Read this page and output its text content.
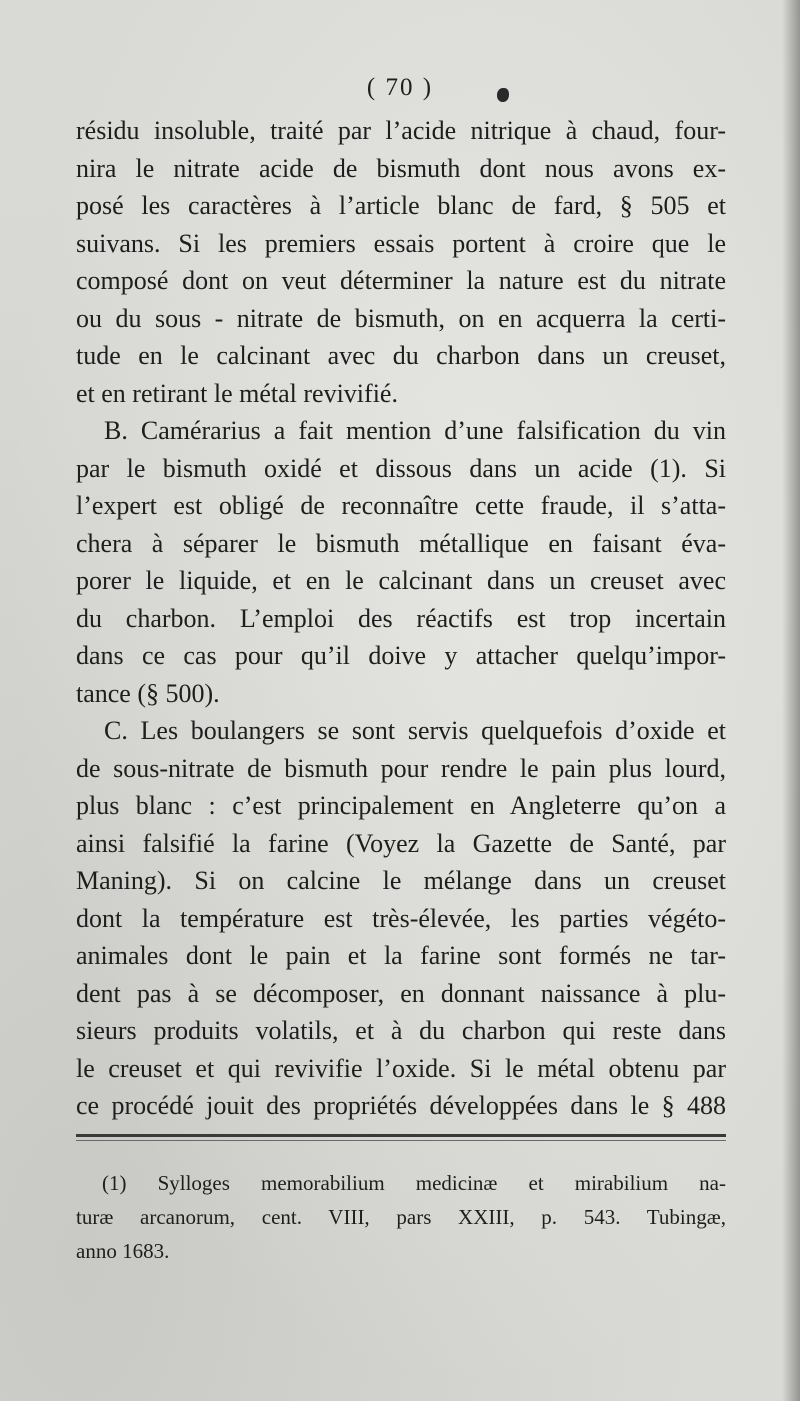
( 70 )
résidu insoluble, traité par l’acide nitrique à chaud, four-
nira le nitrate acide de bismuth dont nous avons ex-
posé les caractères à l’article blanc de fard, § 505 et
suivans. Si les premiers essais portent à croire que le
composé dont on veut déterminer la nature est du nitrate
ou du sous - nitrate de bismuth, on en acquerra la certi-
tude en le calcinant avec du charbon dans un creuset,
et en retirant le métal revivifié.
B. Camérarius a fait mention d’une falsification du vin
par le bismuth oxidé et dissous dans un acide (1). Si
l’expert est obligé de reconnaître cette fraude, il s’atta-
chera à séparer le bismuth métallique en faisant éva-
porer le liquide, et en le calcinant dans un creuset avec
du charbon. L’emploi des réactifs est trop incertain
dans ce cas pour qu’il doive y attacher quelqu’impor-
tance (§ 500).
C. Les boulangers se sont servis quelquefois d’oxide et
de sous-nitrate de bismuth pour rendre le pain plus lourd,
plus blanc : c’est principalement en Angleterre qu’on a
ainsi falsifié la farine (Voyez la Gazette de Santé, par
Maning). Si on calcine le mélange dans un creuset
dont la température est très-élevée, les parties végéto-
animales dont le pain et la farine sont formés ne tar-
dent pas à se décomposer, en donnant naissance à plu-
sieurs produits volatils, et à du charbon qui reste dans
le creuset et qui revivifie l’oxide. Si le métal obtenu par
ce procédé jouit des propriétés développées dans le § 488
(1) Sylloges memorabilium medicinæ et mirabilium na-
turæ arcanorum, cent. VIII, pars XXIII, p. 543. Tubingæ,
anno 1683.
